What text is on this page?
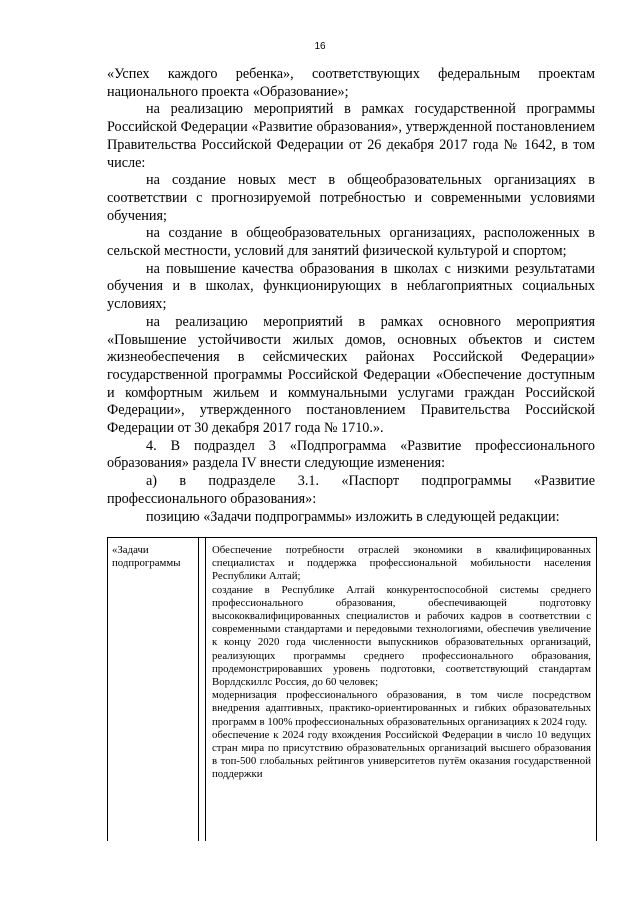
16

«Успех каждого ребенка», соответствующих федеральным проектам национального проекта «Образование»;

на реализацию мероприятий в рамках государственной программы Российской Федерации «Развитие образования», утвержденной постановлением Правительства Российской Федерации от 26 декабря 2017 года № 1642, в том числе:

на создание новых мест в общеобразовательных организациях в соответствии с прогнозируемой потребностью и современными условиями обучения;

на создание в общеобразовательных организациях, расположенных в сельской местности, условий для занятий физической культурой и спортом;

на повышение качества образования в школах с низкими результатами обучения и в школах, функционирующих в неблагоприятных социальных условиях;

на реализацию мероприятий в рамках основного мероприятия «Повышение устойчивости жилых домов, основных объектов и систем жизнеобеспечения в сейсмических районах Российской Федерации» государственной программы Российской Федерации «Обеспечение доступным и комфортным жильем и коммунальными услугами граждан Российской Федерации», утвержденного постановлением Правительства Российской Федерации от 30 декабря 2017 года № 1710.».

4. В подраздел 3 «Подпрограмма «Развитие профессионального образования» раздела IV внести следующие изменения:

а) в подразделе 3.1. «Паспорт подпрограммы «Развитие профессионального образования»:

позицию «Задачи подпрограммы» изложить в следующей редакции:

«Задачи подпрограммы

Обеспечение потребности отраслей экономики в квалифицированных специалистах и поддержка профессиональной мобильности населения Республики Алтай;

создание в Республике Алтай конкурентоспособной системы среднего профессионального образования, обеспечивающей подготовку высококвалифицированных специалистов и рабочих кадров в соответствии с современными стандартами и передовыми технологиями, обеспечив увеличение к концу 2020 года численности выпускников образовательных организаций, реализующих программы среднего профессионального образования, продемонстрировавших уровень подготовки, соответствующий стандартам Ворлдскиллс Россия, до 60 человек;

модернизация профессионального образования, в том числе посредством внедрения адаптивных, практико-ориентированных и гибких образовательных программ в 100% профессиональных образовательных организациях к 2024 году.

обеспечение к 2024 году вхождения Российской Федерации в число 10 ведущих стран мира по присутствию образовательных организаций высшего образования в топ-500 глобальных рейтингов университетов путём оказания государственной поддержки
